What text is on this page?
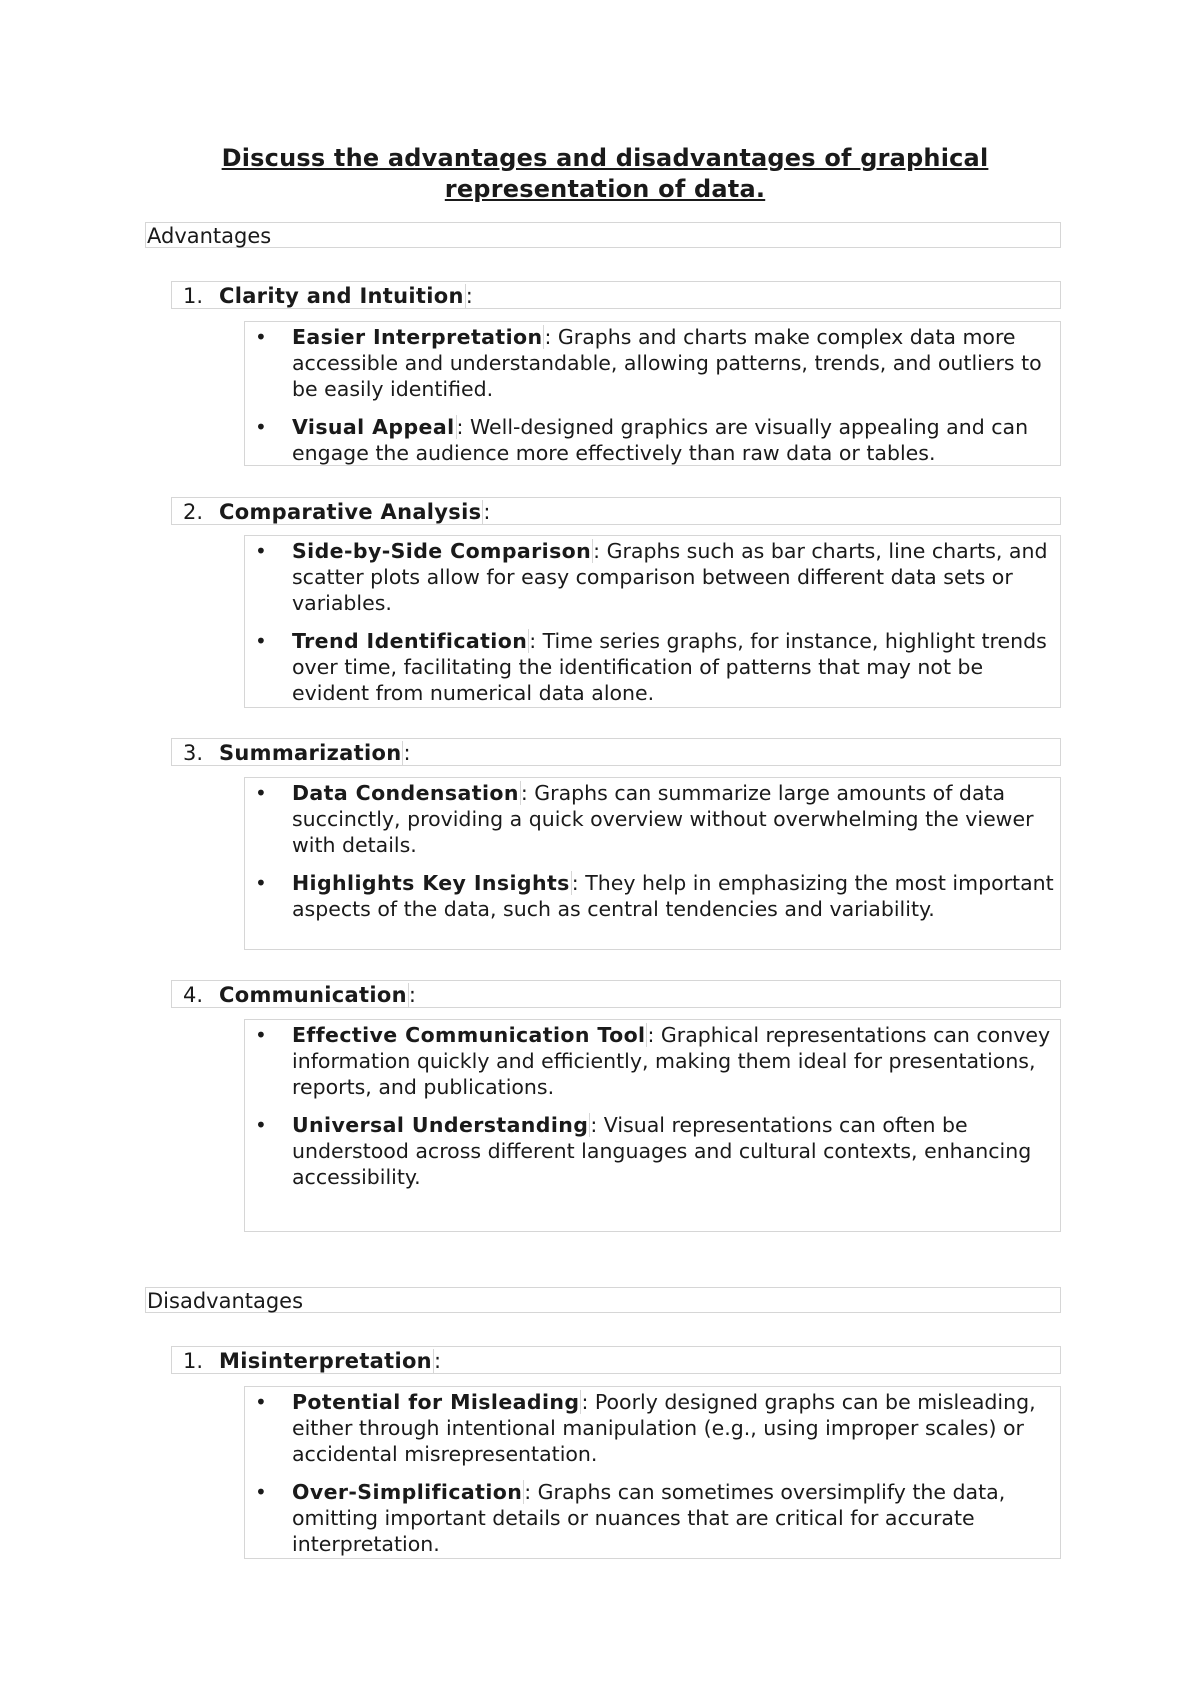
Discuss the advantages and disadvantages of graphical representation of data.
Advantages
1. Clarity and Intuition:
•	Easier Interpretation: Graphs and charts make complex data more accessible and understandable, allowing patterns, trends, and outliers to be easily identified.
•	Visual Appeal: Well-designed graphics are visually appealing and can engage the audience more effectively than raw data or tables.
2. Comparative Analysis:
•	Side-by-Side Comparison: Graphs such as bar charts, line charts, and scatter plots allow for easy comparison between different data sets or variables.
•	Trend Identification: Time series graphs, for instance, highlight trends over time, facilitating the identification of patterns that may not be evident from numerical data alone.
3. Summarization:
•	Data Condensation: Graphs can summarize large amounts of data succinctly, providing a quick overview without overwhelming the viewer with details.
•	Highlights Key Insights: They help in emphasizing the most important aspects of the data, such as central tendencies and variability.
4. Communication:
•	Effective Communication Tool: Graphical representations can convey information quickly and efficiently, making them ideal for presentations, reports, and publications.
•	Universal Understanding: Visual representations can often be understood across different languages and cultural contexts, enhancing accessibility.
Disadvantages
1. Misinterpretation:
•	Potential for Misleading: Poorly designed graphs can be misleading, either through intentional manipulation (e.g., using improper scales) or accidental misrepresentation.
•	Over-Simplification: Graphs can sometimes oversimplify the data, omitting important details or nuances that are critical for accurate interpretation.
